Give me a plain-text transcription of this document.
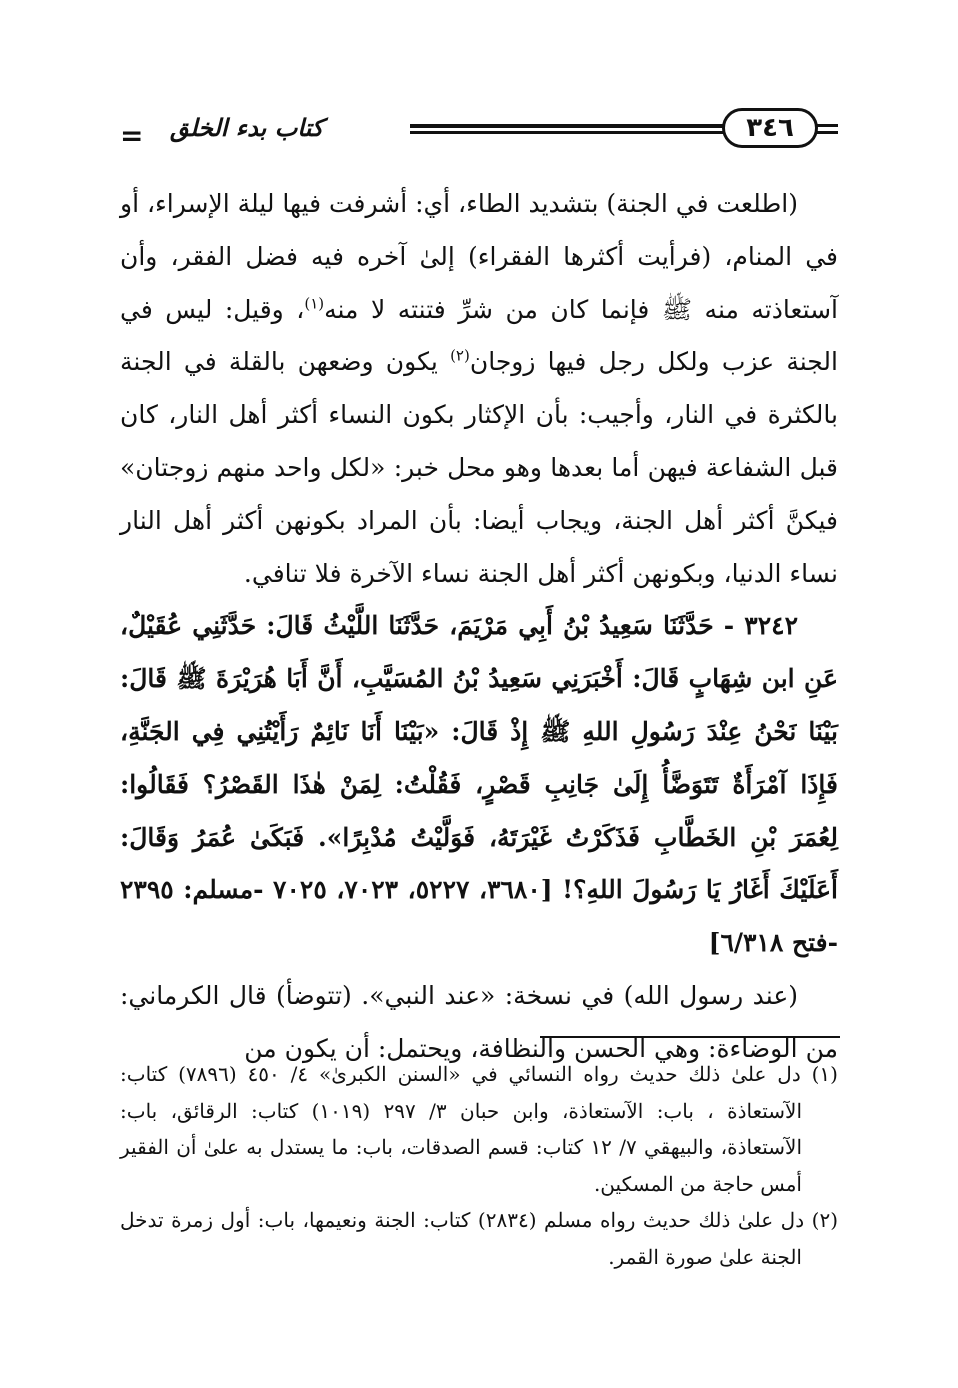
= كتاب بدء الخلق	٣٤٦

(اطلعت في الجنة) بتشديد الطاء، أي: أشرفت فيها ليلة الإسراء، أو في المنام، (فرأيت أكثرها الفقراء) إلىٰ آخره فيه فضل الفقر، وأن آستعاذته منه ﷺ فإنما كان من شرِّ فتنته لا منه$^{(١)}$، وقيل: ليس في الجنة عزب ولكل رجل فيها زوجان$^{(٢)}$ يكون وضعهن بالقلة في الجنة بالكثرة في النار، وأجيب: بأن الإكثار بكون النساء أكثر أهل النار، كان قبل الشفاعة فيهن أما بعدها وهو محل خبر: «لكل واحد منهم زوجتان» فيكنَّ أكثر أهل الجنة، ويجاب أيضا: بأن المراد بكونهن أكثر أهل النار نساء الدنيا، وبكونهن أكثر أهل الجنة نساء الآخرة فلا تنافي.

٣٢٤٢ - حَدَّثَنَا سَعِيدُ بْنُ أَبِي مَرْيَمَ، حَدَّثَنَا اللَّيْثُ قَالَ: حَدَّثَنِي عُقَيْلٌ، عَنِ ابن شِهَابٍ قَالَ: أَخْبَرَنِي سَعِيدُ بْنُ المُسَيَّبِ، أَنَّ أَبَا هُرَيْرَةَ ﷺ قَالَ: بَيْنَا نَحْنُ عِنْدَ رَسُولِ اللهِ ﷺ إِذْ قَالَ: «بَيْنَا أَنَا نَائِمٌ رَأَيْتُنِي فِي الجَنَّةِ، فَإِذَا آمْرَأَةٌ تَتَوَضَّأُ إِلَىٰ جَانِبِ قَصْرٍ، فَقُلْتُ: لِمَنْ هٰذَا القَصْرُ؟ فَقَالُوا: لِعُمَرَ بْنِ الخَطَّابِ فَذَكَرْتُ غَيْرَتَهُ، فَوَلَّيْتُ مُدْبِرًا». فَبَكَىٰ عُمَرُ وَقَالَ: أَعَلَيْكَ أَغَارُ يَا رَسُولَ اللهِ؟! [٣٦٨٠، ٥٢٢٧، ٧٠٢٣، ٧٠٢٥ -مسلم: ٢٣٩٥ -فتح ٦/٣١٨]

(عند رسول الله) في نسخة: «عند النبي». (تتوضأ) قال الكرماني: من الوضاءة: وهي الحسن والنظافة، ويحتمل: أن يكون من

(١) دل علىٰ ذلك حديث رواه النسائي في «السنن الكبرىٰ» ٤/ ٤٥٠ (٧٨٩٦) كتاب: الآستعاذة ، باب: الآستعاذة، وابن حبان ٣/ ٢٩٧ (١٠١٩) كتاب: الرقائق، باب: الآستعاذة، والبيهقي ٧/ ١٢ كتاب: قسم الصدقات، باب: ما يستدل به علىٰ أن الفقير أمس حاجة من المسكين.

(٢) دل علىٰ ذلك حديث رواه مسلم (٢٨٣٤) كتاب: الجنة ونعيمها، باب: أول زمرة تدخل الجنة علىٰ صورة القمر.
